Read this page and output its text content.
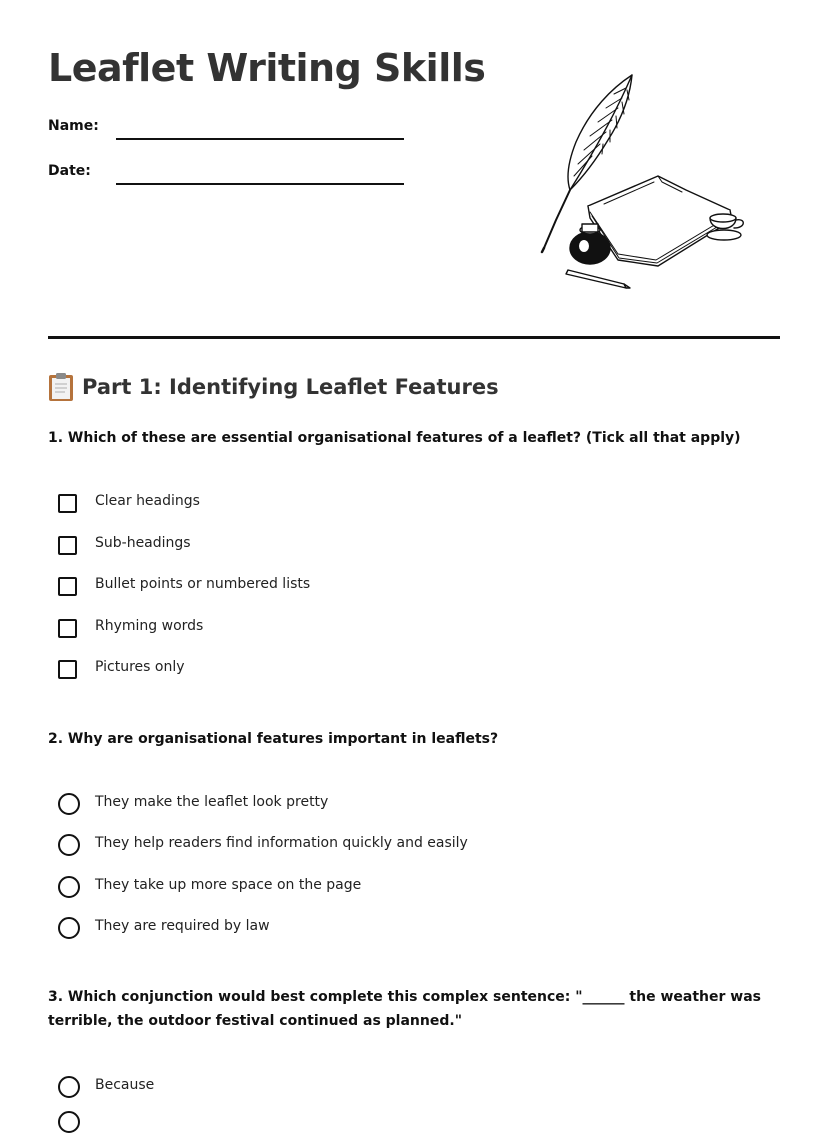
Leaflet Writing Skills
Name:
Date:
Part 1: Identifying Leaflet Features
1. Which of these are essential organisational features of a leaflet? (Tick all that apply)
Clear headings
Sub-headings
Bullet points or numbered lists
Rhyming words
Pictures only
2. Why are organisational features important in leaflets?
They make the leaflet look pretty
They help readers find information quickly and easily
They take up more space on the page
They are required by law
3. Which conjunction would best complete this complex sentence: "______ the weather was terrible, the outdoor festival continued as planned."
Because
